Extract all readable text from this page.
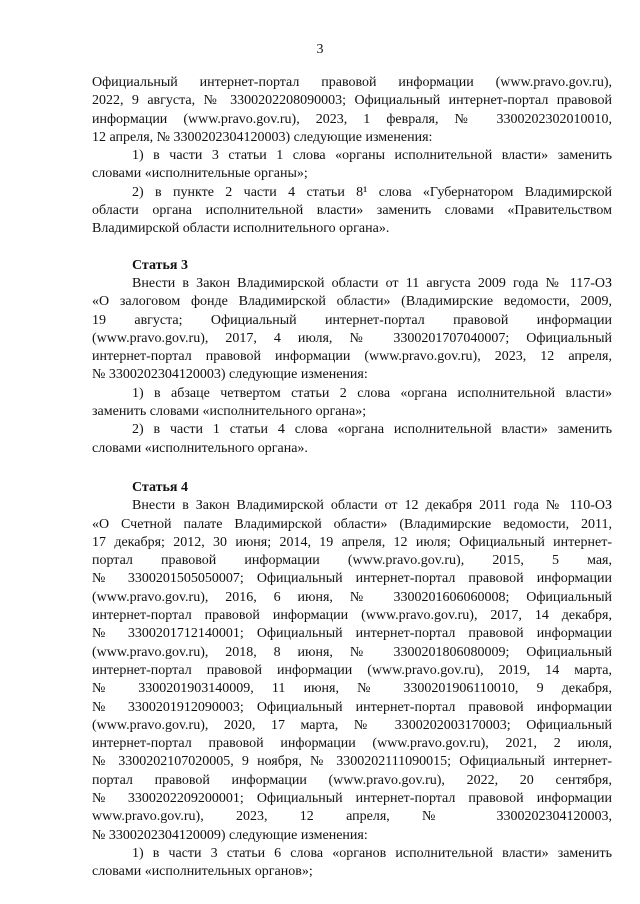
3
Официальный интернет-портал правовой информации (www.pravo.gov.ru),
2022, 9 августа, № 3300202208090003; Официальный интернет-портал правовой
информации (www.pravo.gov.ru), 2023, 1 февраля, № 3300202302010010,
12 апреля, № 3300202304120003) следующие изменения:
1) в части 3 статьи 1 слова «органы исполнительной власти» заменить
словами «исполнительные органы»;
2) в пункте 2 части 4 статьи 8¹ слова «Губернатором Владимирской
области органа исполнительной власти» заменить словами «Правительством
Владимирской области исполнительного органа».
Статья 3
Внести в Закон Владимирской области от 11 августа 2009 года № 117-ОЗ
«О залоговом фонде Владимирской области» (Владимирские ведомости, 2009,
19 августа; Официальный интернет-портал правовой информации
(www.pravo.gov.ru), 2017, 4 июля, № 3300201707040007; Официальный
интернет-портал правовой информации (www.pravo.gov.ru), 2023, 12 апреля,
№ 3300202304120003) следующие изменения:
1) в абзаце четвертом статьи 2 слова «органа исполнительной власти»
заменить словами «исполнительного органа»;
2) в части 1 статьи 4 слова «органа исполнительной власти» заменить
словами «исполнительного органа».
Статья 4
Внести в Закон Владимирской области от 12 декабря 2011 года № 110-ОЗ
«О Счетной палате Владимирской области» (Владимирские ведомости, 2011,
17 декабря; 2012, 30 июня; 2014, 19 апреля, 12 июля; Официальный интернет-
портал правовой информации (www.pravo.gov.ru), 2015, 5 мая,
№ 3300201505050007; Официальный интернет-портал правовой информации
(www.pravo.gov.ru), 2016, 6 июня, № 3300201606060008; Официальный
интернет-портал правовой информации (www.pravo.gov.ru), 2017, 14 декабря,
№ 3300201712140001; Официальный интернет-портал правовой информации
(www.pravo.gov.ru), 2018, 8 июня, № 3300201806080009; Официальный
интернет-портал правовой информации (www.pravo.gov.ru), 2019, 14 марта,
№ 3300201903140009, 11 июня, № 3300201906110010, 9 декабря,
№ 3300201912090003; Официальный интернет-портал правовой информации
(www.pravo.gov.ru), 2020, 17 марта, № 3300202003170003; Официальный
интернет-портал правовой информации (www.pravo.gov.ru), 2021, 2 июля,
№ 3300202107020005, 9 ноября, № 3300202111090015; Официальный интернет-
портал правовой информации (www.pravo.gov.ru), 2022, 20 сентября,
№ 3300202209200001; Официальный интернет-портал правовой информации
www.pravo.gov.ru), 2023, 12 апреля, № 3300202304120003,
№ 3300202304120009) следующие изменения:
1) в части 3 статьи 6 слова «органов исполнительной власти» заменить
словами «исполнительных органов»;
